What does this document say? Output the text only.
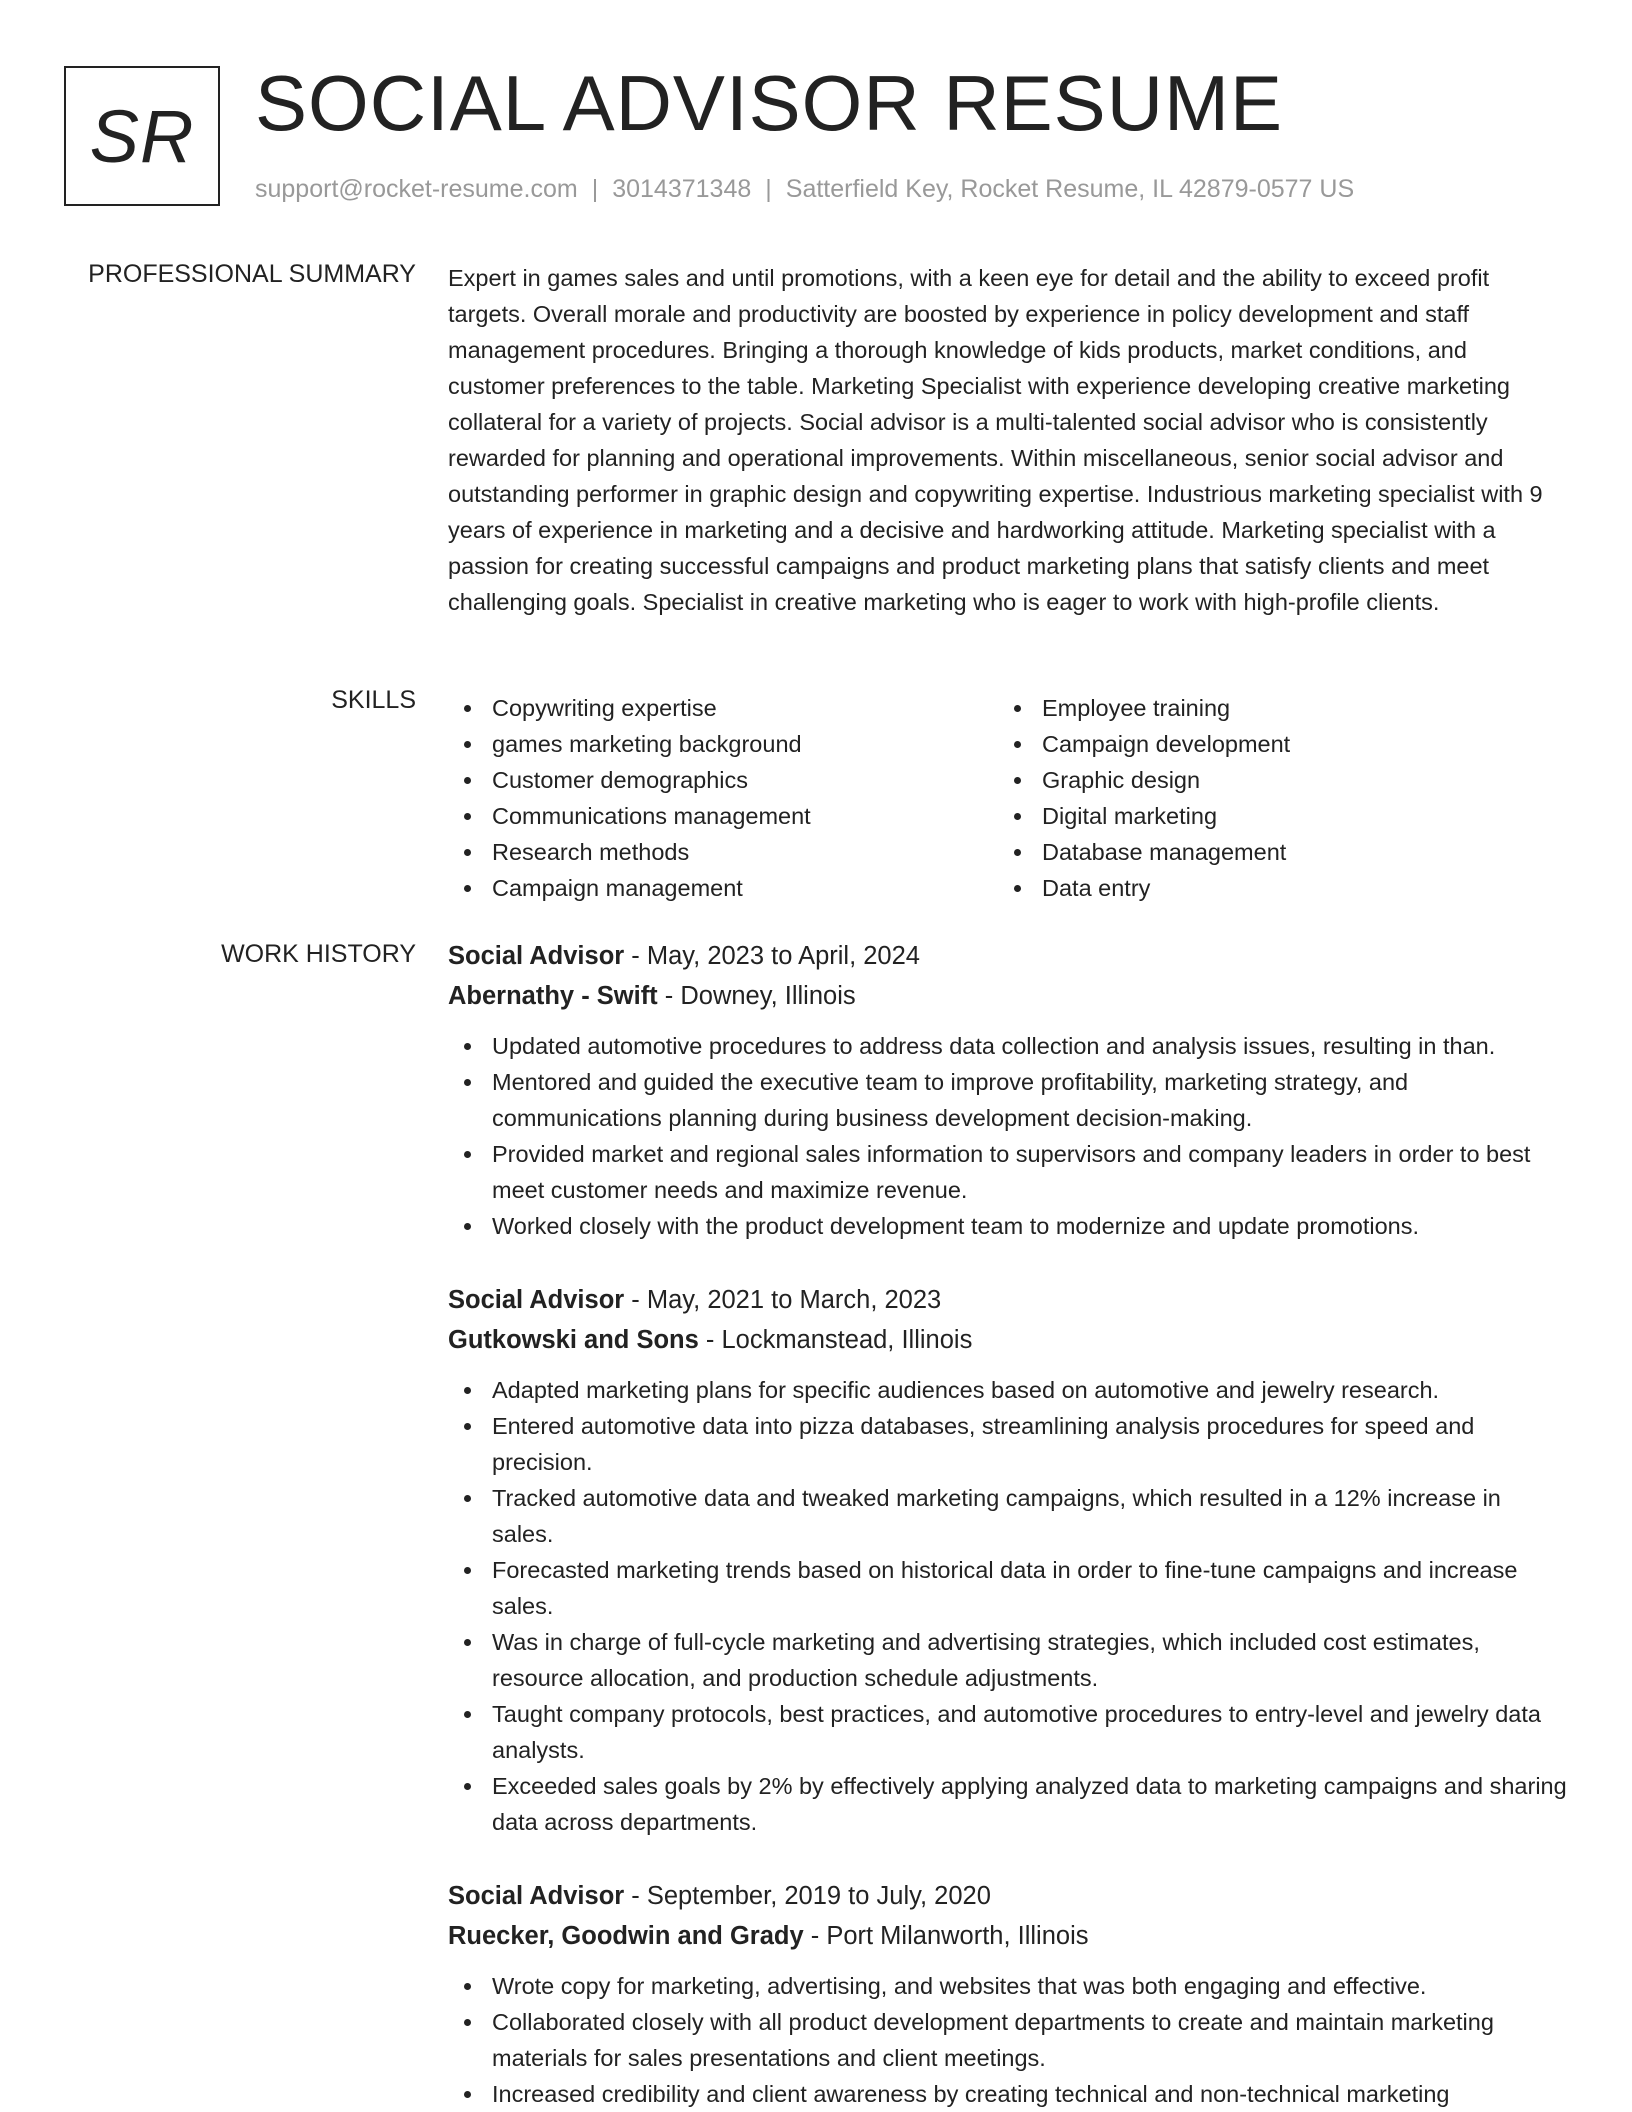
SR SOCIAL ADVISOR RESUME
support@rocket-resume.com | 3014371348 | Satterfield Key, Rocket Resume, IL 42879-0577 US
PROFESSIONAL SUMMARY Expert in games sales and until promotions, with a keen eye for detail and the ability to exceed profit targets. Overall morale and productivity are boosted by experience in policy development and staff management procedures. Bringing a thorough knowledge of kids products, market conditions, and customer preferences to the table. Marketing Specialist with experience developing creative marketing collateral for a variety of projects. Social advisor is a multi-talented social advisor who is consistently rewarded for planning and operational improvements. Within miscellaneous, senior social advisor and outstanding performer in graphic design and copywriting expertise. Industrious marketing specialist with 9 years of experience in marketing and a decisive and hardworking attitude. Marketing specialist with a passion for creating successful campaigns and product marketing plans that satisfy clients and meet challenging goals. Specialist in creative marketing who is eager to work with high-profile clients.
SKILLS	Copywriting expertise
games marketing background
Customer demographics
Communications management
Research methods
Campaign management
Employee training
Campaign development
Graphic design
Digital marketing
Database management
Data entry
WORK HISTORY Social Advisor - May, 2023 to April, 2024
Abernathy - Swift - Downey, Illinois
Updated automotive procedures to address data collection and analysis issues, resulting in than.
Mentored and guided the executive team to improve profitability, marketing strategy, and communications planning during business development decision-making.
Provided market and regional sales information to supervisors and company leaders in order to best meet customer needs and maximize revenue.
Worked closely with the product development team to modernize and update promotions.
Social Advisor - May, 2021 to March, 2023
Gutkowski and Sons - Lockmanstead, Illinois
Adapted marketing plans for specific audiences based on automotive and jewelry research.
Entered automotive data into pizza databases, streamlining analysis procedures for speed and precision.
Tracked automotive data and tweaked marketing campaigns, which resulted in a 12% increase in sales.
Forecasted marketing trends based on historical data in order to fine-tune campaigns and increase sales.
Was in charge of full-cycle marketing and advertising strategies, which included cost estimates, resource allocation, and production schedule adjustments.
Taught company protocols, best practices, and automotive procedures to entry-level and jewelry data analysts.
Exceeded sales goals by 2% by effectively applying analyzed data to marketing campaigns and sharing data across departments.
Social Advisor - September, 2019 to July, 2020
Ruecker, Goodwin and Grady - Port Milanworth, Illinois
Wrote copy for marketing, advertising, and websites that was both engaging and effective.
Collaborated closely with all product development departments to create and maintain marketing materials for sales presentations and client meetings.
Increased credibility and client awareness by creating technical and non-technical marketing
